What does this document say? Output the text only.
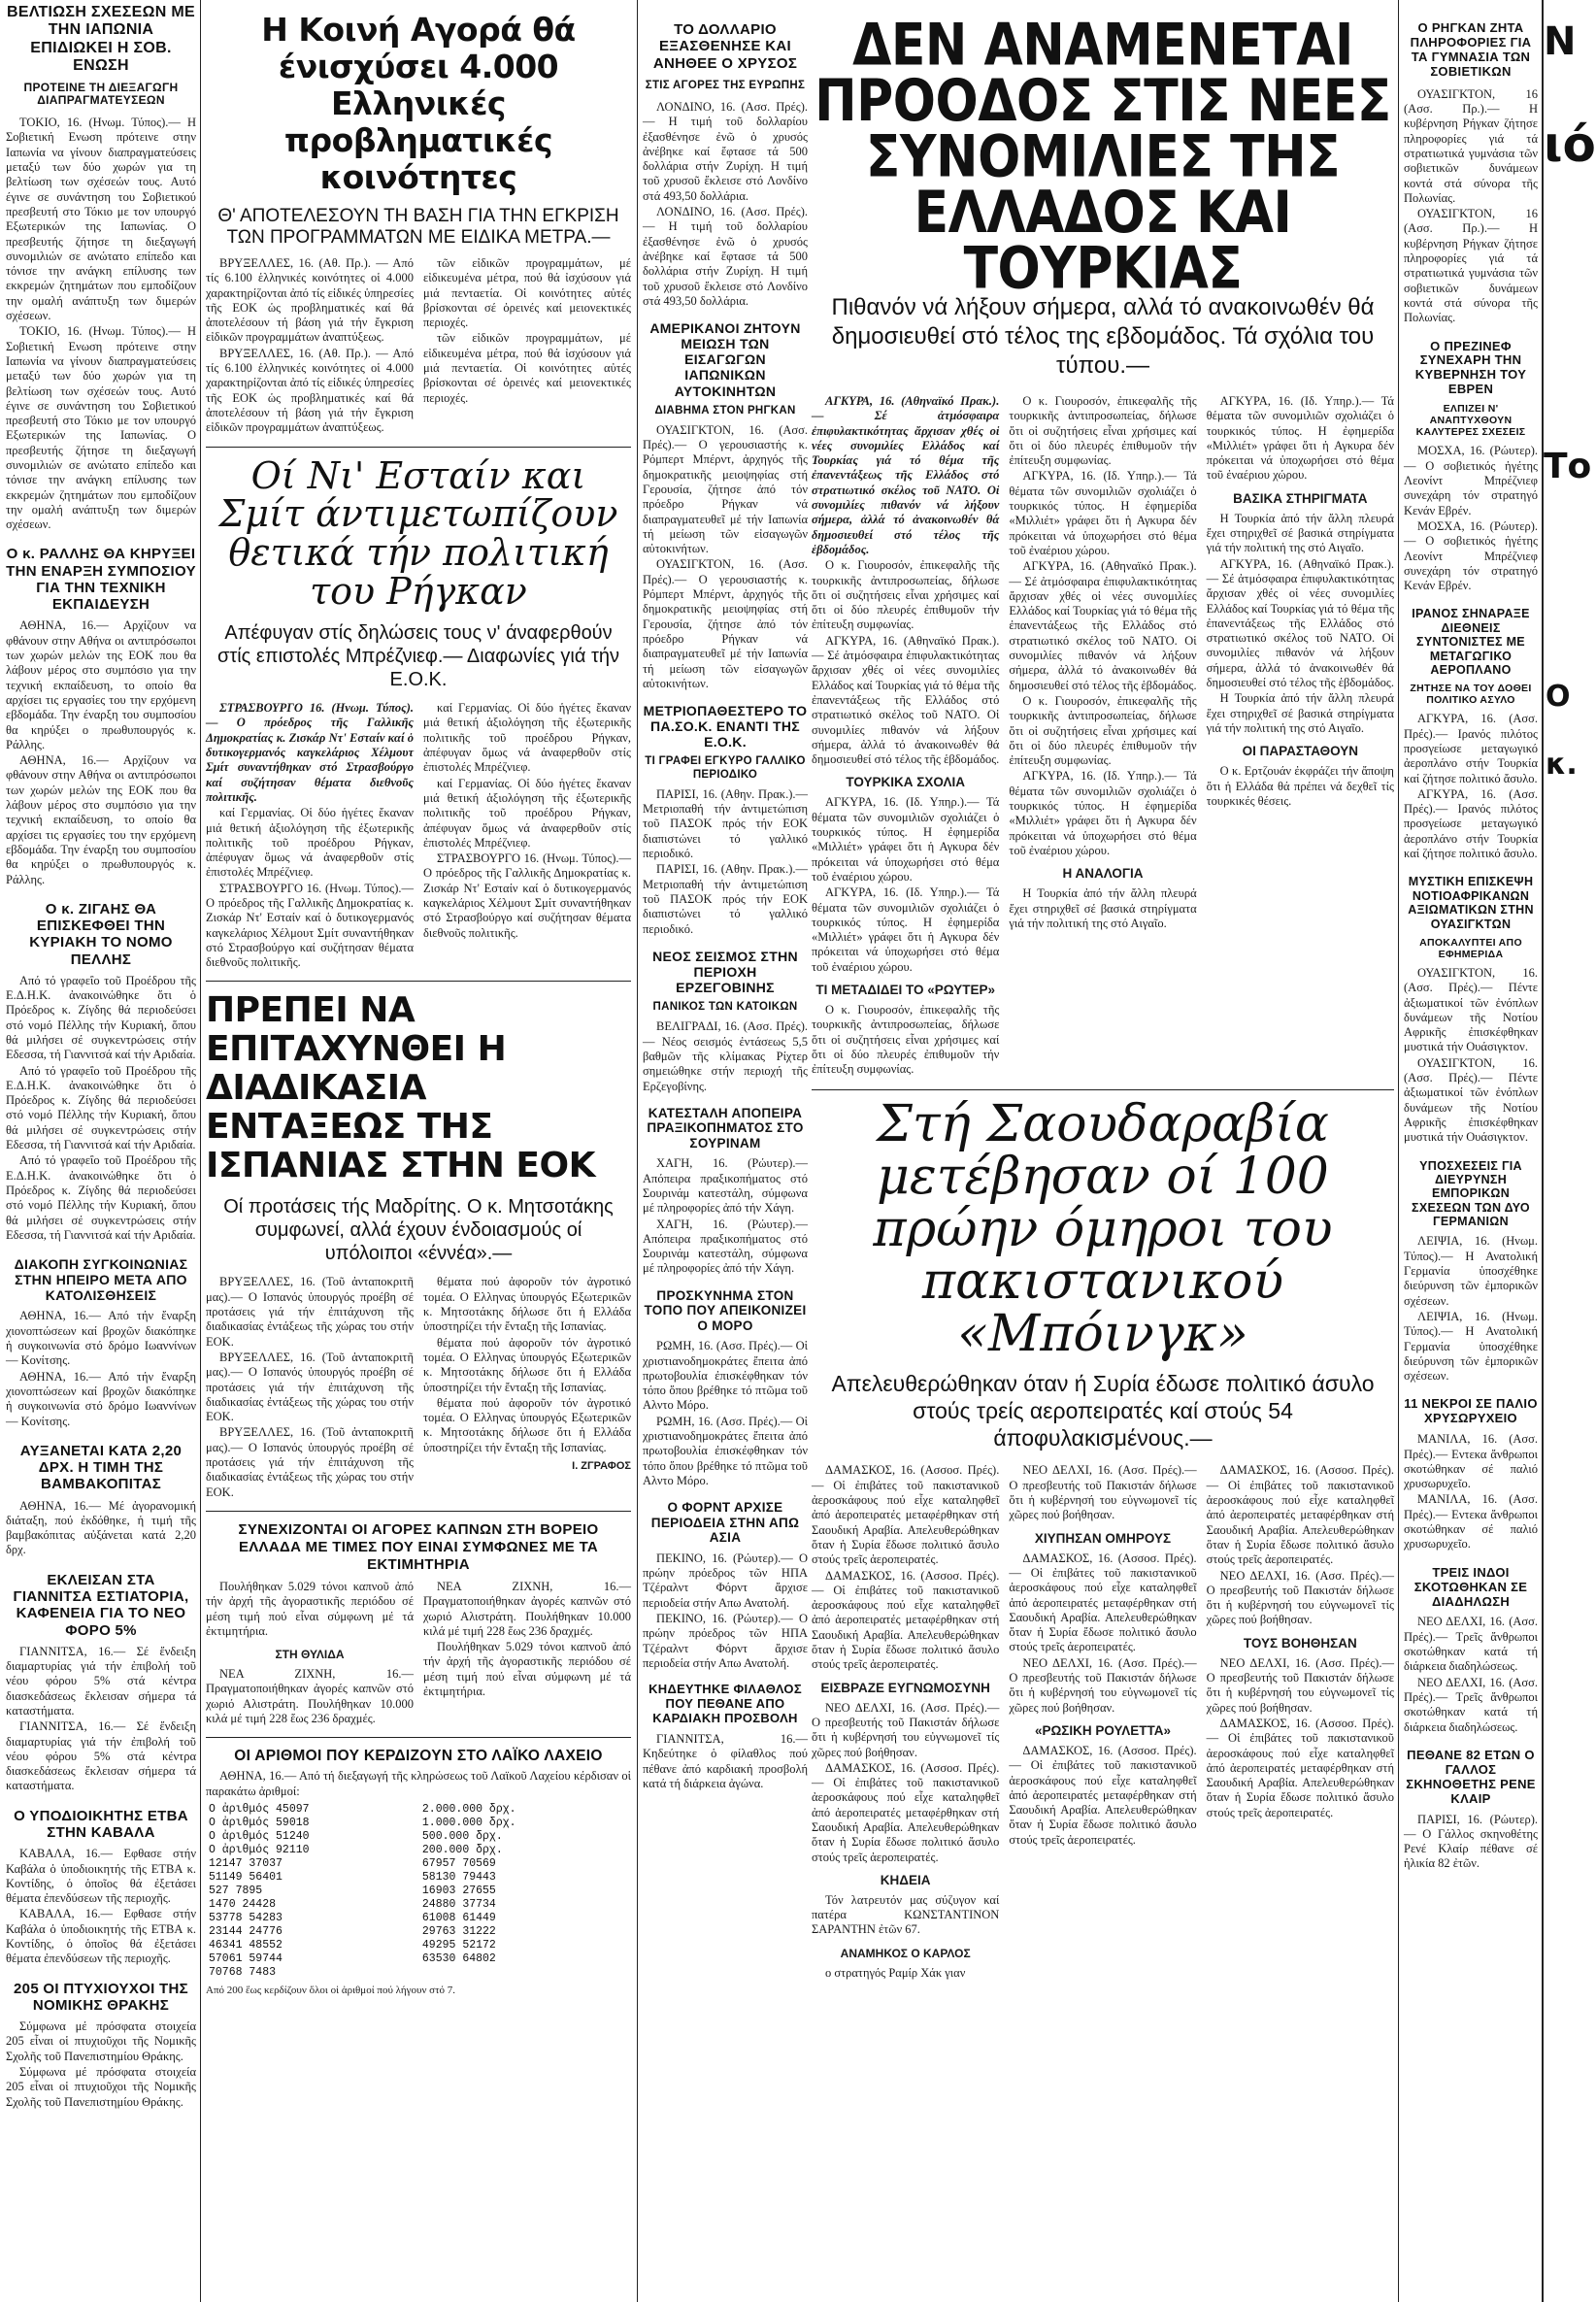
ΒΕΛΤΙΩΣΗ ΣΧΕΣΕΩΝ ΜΕ ΤΗΝ ΙΑΠΩΝΙΑ ΕΠΙΔΙΩΚΕΙ Η ΣΟΒ. ΕΝΩΣΗ
ΠΡΟΤΕΙΝΕ ΤΗ ΔΙΕΞΑΓΩΓΗ ΔΙΑΠΡΑΓΜΑΤΕΥΣΕΩΝ

ΤΟΚΙΟ, 16. (Ηνωμ. Τύπος).— Η Σοβιετική Ενωση πρότεινε στην Ιαπωνία να γίνουν διαπραγματεύσεις μεταξύ των δύο χωρών για τη βελτίωση των σχέσεών τους. Αυτό έγινε σε συνάντηση του Σοβιετικού πρεσβευτή στο Τόκιο με τον υπουργό Εξωτερικών της Ιαπωνίας. Ο πρεσβευτής ζήτησε τη διεξαγωγή συνομιλιών σε ανώτατο επίπεδο και τόνισε την ανάγκη επίλυσης των εκκρεμών ζητημάτων που εμποδίζουν την ομαλή ανάπτυξη των διμερών σχέσεων.

ΤΟΚΙΟ, 16. (Ηνωμ. Τύπος).— Η Σοβιετική Ενωση πρότεινε στην Ιαπωνία να γίνουν διαπραγματεύσεις μεταξύ των δύο χωρών για τη βελτίωση των σχέσεών τους. Αυτό έγινε σε συνάντηση του Σοβιετικού πρεσβευτή στο Τόκιο με τον υπουργό Εξωτερικών της Ιαπωνίας. Ο πρεσβευτής ζήτησε τη διεξαγωγή συνομιλιών σε ανώτατο επίπεδο και τόνισε την ανάγκη επίλυσης των εκκρεμών ζητημάτων που εμποδίζουν την ομαλή ανάπτυξη των διμερών σχέσεων.

Ο κ. ΡΑΛΛΗΣ ΘΑ ΚΗΡΥΞΕΙ ΤΗΝ ΕΝΑΡΞΗ ΣΥΜΠΟΣΙΟΥ ΓΙΑ ΤΗΝ ΤΕΧΝΙΚΗ ΕΚΠΑΙΔΕΥΣΗ

ΑΘΗΝΑ, 16.— Αρχίζουν να φθάνουν στην Αθήνα οι αντιπρόσωποι των χωρών μελών της ΕΟΚ που θα λάβουν μέρος στο συμπόσιο για την τεχνική εκπαίδευση, το οποίο θα αρχίσει τις εργασίες του την ερχόμενη εβδομάδα. Την έναρξη του συμποσίου θα κηρύξει ο πρωθυπουργός κ. Ράλλης.

ΑΘΗΝΑ, 16.— Αρχίζουν να φθάνουν στην Αθήνα οι αντιπρόσωποι των χωρών μελών της ΕΟΚ που θα λάβουν μέρος στο συμπόσιο για την τεχνική εκπαίδευση, το οποίο θα αρχίσει τις εργασίες του την ερχόμενη εβδομάδα. Την έναρξη του συμποσίου θα κηρύξει ο πρωθυπουργός κ. Ράλλης.

Ο κ. ΖΙΓΑΗΣ ΘΑ ΕΠΙΣΚΕΦΘΕΙ ΤΗΝ ΚΥΡΙΑΚΗ ΤΟ ΝΟΜΟ ΠΕΛΛΗΣ

Από τό γραφεΐο τοῦ Προέδρου τῆς Ε.Δ.Η.Κ. ἀνακοινώθηκε ὅτι ὁ Πρόεδρος κ. Ζίγδης θά περιοδεύσει στό νομό Πέλλης τήν Κυριακή, ὅπου θά μιλήσει σέ συγκεντρώσεις στήν Εδεσσα, τή Γιαννιτσά καί τήν Αριδαία.

Από τό γραφεΐο τοῦ Προέδρου τῆς Ε.Δ.Η.Κ. ἀνακοινώθηκε ὅτι ὁ Πρόεδρος κ. Ζίγδης θά περιοδεύσει στό νομό Πέλλης τήν Κυριακή, ὅπου θά μιλήσει σέ συγκεντρώσεις στήν Εδεσσα, τή Γιαννιτσά καί τήν Αριδαία.

Από τό γραφεΐο τοῦ Προέδρου τῆς Ε.Δ.Η.Κ. ἀνακοινώθηκε ὅτι ὁ Πρόεδρος κ. Ζίγδης θά περιοδεύσει στό νομό Πέλλης τήν Κυριακή, ὅπου θά μιλήσει σέ συγκεντρώσεις στήν Εδεσσα, τή Γιαννιτσά καί τήν Αριδαία.

ΔΙΑΚΟΠΗ ΣΥΓΚΟΙΝΩΝΙΑΣ ΣΤΗΝ ΗΠΕΙΡΟ ΜΕΤΑ ΑΠΟ ΚΑΤΟΛΙΣΘΗΣΕΙΣ

ΑΘΗΝΑ, 16.— Από τήν ἔναρξη χιονοπτώσεων καί βροχῶν διακόπηκε ἡ συγκοινωνία στό δρόμο Ιωαννίνων — Κονίτσης.

ΑΘΗΝΑ, 16.— Από τήν ἔναρξη χιονοπτώσεων καί βροχῶν διακόπηκε ἡ συγκοινωνία στό δρόμο Ιωαννίνων — Κονίτσης.

ΑΥΞΑΝΕΤΑΙ ΚΑΤΑ 2,20 ΔΡΧ. Η ΤΙΜΗ ΤΗΣ ΒΑΜΒΑΚΟΠΙΤΑΣ

ΑΘΗΝΑ, 16.— Μέ ἀγορανομική διάταξη, πού ἐκδόθηκε, ἡ τιμή τῆς βαμβακόπιτας αὐξάνεται κατά 2,20 δρχ.

ΕΚΛΕΙΣΑΝ ΣΤΑ ΓΙΑΝΝΙΤΣΑ ΕΣΤΙΑΤΟΡΙΑ, ΚΑΦΕΝΕΙΑ ΓΙΑ ΤΟ ΝΕΟ ΦΟΡΟ 5%

ΓΙΑΝΝΙΤΣΑ, 16.— Σέ ἔνδειξη διαμαρτυρίας γιά τήν ἐπιβολή τοῦ νέου φόρου 5% στά κέντρα διασκεδάσεως ἔκλεισαν σήμερα τά καταστήματα.

ΓΙΑΝΝΙΤΣΑ, 16.— Σέ ἔνδειξη διαμαρτυρίας γιά τήν ἐπιβολή τοῦ νέου φόρου 5% στά κέντρα διασκεδάσεως ἔκλεισαν σήμερα τά καταστήματα.

Ο ΥΠΟΔΙΟΙΚΗΤΗΣ ΕΤΒΑ ΣΤΗΝ ΚΑΒΑΛΑ

ΚΑΒΑΛΑ, 16.— Εφθασε στήν Καβάλα ὁ ὑποδιοικητής τῆς ΕΤΒΑ κ. Κοντίδης, ὁ ὁποῖος θά ἐξετάσει θέματα ἐπενδύσεων τῆς περιοχῆς.

ΚΑΒΑΛΑ, 16.— Εφθασε στήν Καβάλα ὁ ὑποδιοικητής τῆς ΕΤΒΑ κ. Κοντίδης, ὁ ὁποῖος θά ἐξετάσει θέματα ἐπενδύσεων τῆς περιοχῆς.

205 ΟΙ ΠΤΥΧΙΟΥΧΟΙ ΤΗΣ ΝΟΜΙΚΗΣ ΘΡΑΚΗΣ

Σύμφωνα μέ πρόσφατα στοιχεία 205 εἶναι οἱ πτυχιοῦχοι τῆς Νομικῆς Σχολῆς τοῦ Πανεπιστημίου Θράκης.

Σύμφωνα μέ πρόσφατα στοιχεία 205 εἶναι οἱ πτυχιοῦχοι τῆς Νομικῆς Σχολῆς τοῦ Πανεπιστημίου Θράκης.

Η Κοινή Αγορά θά ένισχύσει 4.000 Ελληνικές προβληματικές κοινότητες
Θ' ΑΠΟΤΕΛΕΣΟΥΝ ΤΗ ΒΑΣΗ ΓΙΑ ΤΗΝ ΕΓΚΡΙΣΗ ΤΩΝ ΠΡΟΓΡΑΜΜΑΤΩΝ ΜΕ ΕΙΔΙΚΑ ΜΕΤΡΑ.—

ΒΡΥΞΕΛΛΕΣ, 16. (Αθ. Πρ.). — Από τίς 6.100 ἑλληνικές κοινότητες οἱ 4.000 χαρακτηρίζονται ἀπό τίς εἰδικές ὑπηρεσίες τῆς ΕΟΚ ὡς προβληματικές καί θά ἀποτελέσουν τή βάση γιά τήν ἔγκριση εἰδικῶν προγραμμάτων ἀναπτύξεως.

ΒΡΥΞΕΛΛΕΣ, 16. (Αθ. Πρ.). — Από τίς 6.100 ἑλληνικές κοινότητες οἱ 4.000 χαρακτηρίζονται ἀπό τίς εἰδικές ὑπηρεσίες τῆς ΕΟΚ ὡς προβληματικές καί θά ἀποτελέσουν τή βάση γιά τήν ἔγκριση εἰδικῶν προγραμμάτων ἀναπτύξεως.

τῶν εἰδικῶν προγραμμάτων, μέ εἰδικευμένα μέτρα, πού θά ἰσχύσουν γιά μιά πενταετία. Οἱ κοινότητες αὐτές βρίσκονται σέ ὀρεινές καί μειονεκτικές περιοχές.

τῶν εἰδικῶν προγραμμάτων, μέ εἰδικευμένα μέτρα, πού θά ἰσχύσουν γιά μιά πενταετία. Οἱ κοινότητες αὐτές βρίσκονται σέ ὀρεινές καί μειονεκτικές περιοχές.

Οί Νι' Εσταίν και Σμίτ άντιμετωπίζουν θετικά τήν πολιτική του Ρήγκαν
Απέφυγαν στίς δηλώσεις τους ν' άναφερθούν στίς επιστολές Μπρέζνιεφ.— Διαφωνίες γιά τήν Ε.Ο.Κ.

ΣΤΡΑΣΒΟΥΡΓΟ 16. (Ηνωμ. Τύπος).— Ο πρόεδρος τῆς Γαλλικῆς Δημοκρατίας κ. Ζισκάρ Ντ' Εσταίν καί ὁ δυτικογερμανός καγκελάριος Χέλμουτ Σμίτ συναντήθηκαν στό Στρασβούργο καί συζήτησαν θέματα διεθνοῦς πολιτικῆς.

καί Γερμανίας. Οἱ δύο ἡγέτες ἔκαναν μιά θετική ἀξιολόγηση τῆς ἐξωτερικῆς πολιτικῆς τοῦ προέδρου Ρήγκαν, ἀπέφυγαν ὅμως νά ἀναφερθοῦν στίς ἐπιστολές Μπρέζνιεφ.

ΣΤΡΑΣΒΟΥΡΓΟ 16. (Ηνωμ. Τύπος).— Ο πρόεδρος τῆς Γαλλικῆς Δημοκρατίας κ. Ζισκάρ Ντ' Εσταίν καί ὁ δυτικογερμανός καγκελάριος Χέλμουτ Σμίτ συναντήθηκαν στό Στρασβούργο καί συζήτησαν θέματα διεθνοῦς πολιτικῆς.

καί Γερμανίας. Οἱ δύο ἡγέτες ἔκαναν μιά θετική ἀξιολόγηση τῆς ἐξωτερικῆς πολιτικῆς τοῦ προέδρου Ρήγκαν, ἀπέφυγαν ὅμως νά ἀναφερθοῦν στίς ἐπιστολές Μπρέζνιεφ.

καί Γερμανίας. Οἱ δύο ἡγέτες ἔκαναν μιά θετική ἀξιολόγηση τῆς ἐξωτερικῆς πολιτικῆς τοῦ προέδρου Ρήγκαν, ἀπέφυγαν ὅμως νά ἀναφερθοῦν στίς ἐπιστολές Μπρέζνιεφ.

ΣΤΡΑΣΒΟΥΡΓΟ 16. (Ηνωμ. Τύπος).— Ο πρόεδρος τῆς Γαλλικῆς Δημοκρατίας κ. Ζισκάρ Ντ' Εσταίν καί ὁ δυτικογερμανός καγκελάριος Χέλμουτ Σμίτ συναντήθηκαν στό Στρασβούργο καί συζήτησαν θέματα διεθνοῦς πολιτικῆς.

ΠΡΕΠΕΙ ΝΑ ΕΠΙΤΑΧΥΝΘΕΙ Η ΔΙΑΔΙΚΑΣΙΑ ΕΝΤΑΞΕΩΣ ΤΗΣ ΙΣΠΑΝΙΑΣ ΣΤΗΝ ΕΟΚ
Οί προτάσεις τής Μαδρίτης. Ο κ. Μητσοτάκης συμφωνεί, αλλά έχουν ένδοιασμούς οί υπόλοιποι «έννέα».—

ΒΡΥΞΕΛΛΕΣ, 16. (Τοῦ ἀνταποκριτῆ μας).— Ο Ισπανός ὑπουργός προέβη σέ προτάσεις γιά τήν ἐπιτάχυνση τῆς διαδικασίας ἐντάξεως τῆς χώρας του στήν ΕΟΚ.

ΒΡΥΞΕΛΛΕΣ, 16. (Τοῦ ἀνταποκριτῆ μας).— Ο Ισπανός ὑπουργός προέβη σέ προτάσεις γιά τήν ἐπιτάχυνση τῆς διαδικασίας ἐντάξεως τῆς χώρας του στήν ΕΟΚ.

ΒΡΥΞΕΛΛΕΣ, 16. (Τοῦ ἀνταποκριτῆ μας).— Ο Ισπανός ὑπουργός προέβη σέ προτάσεις γιά τήν ἐπιτάχυνση τῆς διαδικασίας ἐντάξεως τῆς χώρας του στήν ΕΟΚ.

θέματα πού ἀφοροῦν τόν ἀγροτικό τομέα. Ο Ελληνας ὑπουργός Εξωτερικῶν κ. Μητσοτάκης δήλωσε ὅτι ἡ Ελλάδα ὑποστηρίζει τήν ἔνταξη τῆς Ισπανίας.

θέματα πού ἀφοροῦν τόν ἀγροτικό τομέα. Ο Ελληνας ὑπουργός Εξωτερικῶν κ. Μητσοτάκης δήλωσε ὅτι ἡ Ελλάδα ὑποστηρίζει τήν ἔνταξη τῆς Ισπανίας.

θέματα πού ἀφοροῦν τόν ἀγροτικό τομέα. Ο Ελληνας ὑπουργός Εξωτερικῶν κ. Μητσοτάκης δήλωσε ὅτι ἡ Ελλάδα ὑποστηρίζει τήν ἔνταξη τῆς Ισπανίας.

Ι. ΖΓΡΑΦΟΣ
ΣΥΝΕΧΙΖΟΝΤΑΙ ΟΙ ΑΓΟΡΕΣ ΚΑΠΝΩΝ ΣΤΗ ΒΟΡΕΙΟ ΕΛΛΑΔΑ ΜΕ ΤΙΜΕΣ ΠΟΥ ΕΙΝΑΙ ΣΥΜΦΩΝΕΣ ΜΕ ΤΑ ΕΚΤΙΜΗΤΗΡΙΑ

Πουλήθηκαν 5.029 τόνοι καπνοῦ ἀπό τήν ἀρχή τῆς ἀγοραστικῆς περιόδου σέ μέση τιμή πού εἶναι σύμφωνη μέ τά ἐκτιμητήρια.

ΣΤΗ ΘΥΛΙΔΑ

ΝΕΑ ΖΙΧΝΗ, 16.— Πραγματοποιήθηκαν ἀγορές καπνῶν στό χωριό Αλιστράτη. Πουλήθηκαν 10.000 κιλά μέ τιμή 228 ἕως 236 δραχμές.

ΝΕΑ ΖΙΧΝΗ, 16.— Πραγματοποιήθηκαν ἀγορές καπνῶν στό χωριό Αλιστράτη. Πουλήθηκαν 10.000 κιλά μέ τιμή 228 ἕως 236 δραχμές.

Πουλήθηκαν 5.029 τόνοι καπνοῦ ἀπό τήν ἀρχή τῆς ἀγοραστικῆς περιόδου σέ μέση τιμή πού εἶναι σύμφωνη μέ τά ἐκτιμητήρια.

ΟΙ ΑΡΙΘΜΟΙ ΠΟΥ ΚΕΡΔΙΖΟΥΝ ΣΤΟ ΛΑΪΚΟ ΛΑΧΕΙΟ

ΑΘΗΝΑ, 16.— Από τή διεξαγωγή τῆς κληρώσεως τοῦ Λαϊκοῦ Λαχείου κέρδισαν οἱ παρακάτω ἀριθμοί:

Ο ἀριθμός 45097	2.000.000 δρχ.	
Ο ἀριθμός 59018	1.000.000 δρχ.	
Ο ἀριθμός 51240	500.000 δρχ.	
Ο ἀριθμός 92110	200.000 δρχ.	
12147 37037	67957 70569	
51149 56401	58130 79443	
527 7895	16903 27655	
1470 24428	24880 37734	
53778 54283	61008 61449	
23144 24776	29763 31222	
46341 48552	49295 52172	
57061 59744	63530 64802	
70768 7483		
Από 200 ἕως κερδίζουν ὅλοι οἱ ἀριθμοί πού λήγουν στό 7.
ΤΟ ΔΟΛΛΑΡΙΟ ΕΞΑΣΘΕΝΗΣΕ ΚΑΙ ΑΝΗΘΕΕ Ο ΧΡΥΣΟΣ
ΣΤΙΣ ΑΓΟΡΕΣ ΤΗΣ ΕΥΡΩΠΗΣ

ΛΟΝΔΙΝΟ, 16. (Ασσ. Πρές).— Η τιμή τοῦ δολλαρίου ἐξασθένησε ἐνῶ ὁ χρυσός ἀνέβηκε καί ἔφτασε τά 500 δολλάρια στήν Ζυρίχη. Η τιμή τοῦ χρυσοῦ ἔκλεισε στό Λονδίνο στά 493,50 δολλάρια.

ΛΟΝΔΙΝΟ, 16. (Ασσ. Πρές).— Η τιμή τοῦ δολλαρίου ἐξασθένησε ἐνῶ ὁ χρυσός ἀνέβηκε καί ἔφτασε τά 500 δολλάρια στήν Ζυρίχη. Η τιμή τοῦ χρυσοῦ ἔκλεισε στό Λονδίνο στά 493,50 δολλάρια.

ΑΜΕΡΙΚΑΝΟΙ ΖΗΤΟΥΝ ΜΕΙΩΣΗ ΤΩΝ ΕΙΣΑΓΩΓΩΝ ΙΑΠΩΝΙΚΩΝ ΑΥΤΟΚΙΝΗΤΩΝ
ΔΙΑΒΗΜΑ ΣΤΟΝ ΡΗΓΚΑΝ

ΟΥΑΣΙΓΚΤΟΝ, 16. (Ασσ. Πρές).— Ο γερουσιαστής κ. Ρόμπερτ Μπέρντ, ἀρχηγός τῆς δημοκρατικῆς μειοψηφίας στή Γερουσία, ζήτησε ἀπό τόν πρόεδρο Ρήγκαν νά διαπραγματευθεῖ μέ τήν Ιαπωνία τή μείωση τῶν εἰσαγωγῶν αὐτοκινήτων.

ΟΥΑΣΙΓΚΤΟΝ, 16. (Ασσ. Πρές).— Ο γερουσιαστής κ. Ρόμπερτ Μπέρντ, ἀρχηγός τῆς δημοκρατικῆς μειοψηφίας στή Γερουσία, ζήτησε ἀπό τόν πρόεδρο Ρήγκαν νά διαπραγματευθεῖ μέ τήν Ιαπωνία τή μείωση τῶν εἰσαγωγῶν αὐτοκινήτων.

ΜΕΤΡΙΟΠΑΘΕΣΤΕΡΟ ΤΟ ΠΑ.ΣΟ.Κ. ΕΝΑΝΤΙ ΤΗΣ Ε.Ο.Κ.
ΤΙ ΓΡΑΦΕΙ ΕΓΚΥΡΟ ΓΑΛΛΙΚΟ ΠΕΡΙΟΔΙΚΟ

ΠΑΡΙΣΙ, 16. (Αθην. Πρακ.).— Μετριοπαθή τήν ἀντιμετώπιση τοῦ ΠΑΣΟΚ πρός τήν ΕΟΚ διαπιστώνει τό γαλλικό περιοδικό.

ΠΑΡΙΣΙ, 16. (Αθην. Πρακ.).— Μετριοπαθή τήν ἀντιμετώπιση τοῦ ΠΑΣΟΚ πρός τήν ΕΟΚ διαπιστώνει τό γαλλικό περιοδικό.

ΝΕΟΣ ΣΕΙΣΜΟΣ ΣΤΗΝ ΠΕΡΙΟΧΗ ΕΡΖΕΓΟΒΙΝΗΣ
ΠΑΝΙΚΟΣ ΤΩΝ ΚΑΤΟΙΚΩΝ

ΒΕΛΙΓΡΑΔΙ, 16. (Ασσ. Πρές).— Νέος σεισμός ἐντάσεως 5,5 βαθμῶν τῆς κλίμακας Ρίχτερ σημειώθηκε στήν περιοχή τῆς Ερζεγοβίνης.

ΚΑΤΕΣΤΑΛΗ ΑΠΟΠΕΙΡΑ ΠΡΑΞΙΚΟΠΗΜΑΤΟΣ ΣΤΟ ΣΟΥΡΙΝΑΜ

ΧΑΓΗ, 16. (Ρώυτερ).— Απόπειρα πραξικοπήματος στό Σουρινάμ κατεστάλη, σύμφωνα μέ πληροφορίες ἀπό τήν Χάγη.

ΧΑΓΗ, 16. (Ρώυτερ).— Απόπειρα πραξικοπήματος στό Σουρινάμ κατεστάλη, σύμφωνα μέ πληροφορίες ἀπό τήν Χάγη.

ΠΡΟΣΚΥΝΗΜΑ ΣΤΟΝ ΤΟΠΟ ΠΟΥ ΑΠΕΙΚΟΝΙΖΕΙ Ο ΜΟΡΟ

ΡΩΜΗ, 16. (Ασσ. Πρές).— Οἱ χριστιανοδημοκράτες ἔπειτα ἀπό πρωτοβουλία ἐπισκέφθηκαν τόν τόπο ὅπου βρέθηκε τό πτῶμα τοῦ Αλντο Μόρο.

ΡΩΜΗ, 16. (Ασσ. Πρές).— Οἱ χριστιανοδημοκράτες ἔπειτα ἀπό πρωτοβουλία ἐπισκέφθηκαν τόν τόπο ὅπου βρέθηκε τό πτῶμα τοῦ Αλντο Μόρο.

Ο ΦΟΡΝΤ ΑΡΧΙΣΕ ΠΕΡΙΟΔΕΙΑ ΣΤΗΝ ΑΠΩ ΑΣΙΑ

ΠΕΚΙΝΟ, 16. (Ρώυτερ).— Ο πρώην πρόεδρος τῶν ΗΠΑ Τζέραλντ Φόρντ ἄρχισε περιοδεία στήν Απω Ανατολή.

ΠΕΚΙΝΟ, 16. (Ρώυτερ).— Ο πρώην πρόεδρος τῶν ΗΠΑ Τζέραλντ Φόρντ ἄρχισε περιοδεία στήν Απω Ανατολή.

ΚΗΔΕΥΤΗΚΕ ΦΙΛΑΘΛΟΣ ΠΟΥ ΠΕΘΑΝΕ ΑΠΟ ΚΑΡΔΙΑΚΗ ΠΡΟΣΒΟΛΗ

ΓΙΑΝΝΙΤΣΑ, 16.— Κηδεύτηκε ὁ φίλαθλος πού πέθανε ἀπό καρδιακή προσβολή κατά τή διάρκεια ἀγώνα.

ΔΕΝ ΑΝΑΜΕΝΕΤΑΙ ΠΡΟΟΔΟΣ ΣΤΙΣ ΝΕΕΣ ΣΥΝΟΜΙΛΙΕΣ ΤΗΣ ΕΛΛΑΔΟΣ ΚΑΙ ΤΟΥΡΚΙΑΣ
Πιθανόν νά λήξουν σήμερα, αλλά τό ανακοινωθέν θά δημοσιευθεί στό τέλος της εβδομάδος. Τά σχόλια του τύπου.—

ΑΓΚΥΡΑ, 16. (Αθηναϊκό Πρακ.).— Σέ ἀτμόσφαιρα ἐπιφυλακτικότητας ἄρχισαν χθές οἱ νέες συνομιλίες Ελλάδος καί Τουρκίας γιά τό θέμα τῆς ἐπανεντάξεως τῆς Ελλάδος στό στρατιωτικό σκέλος τοῦ ΝΑΤΟ. Οἱ συνομιλίες πιθανόν νά λήξουν σήμερα, ἀλλά τό ἀνακοινωθέν θά δημοσιευθεί στό τέλος τῆς ἑβδομάδος.

Ο κ. Γιουροσόν, ἐπικεφαλῆς τῆς τουρκικῆς ἀντιπροσωπείας, δήλωσε ὅτι οἱ συζητήσεις εἶναι χρήσιμες καί ὅτι οἱ δύο πλευρές ἐπιθυμοῦν τήν ἐπίτευξη συμφωνίας.

ΑΓΚΥΡΑ, 16. (Αθηναϊκό Πρακ.).— Σέ ἀτμόσφαιρα ἐπιφυλακτικότητας ἄρχισαν χθές οἱ νέες συνομιλίες Ελλάδος καί Τουρκίας γιά τό θέμα τῆς ἐπανεντάξεως τῆς Ελλάδος στό στρατιωτικό σκέλος τοῦ ΝΑΤΟ. Οἱ συνομιλίες πιθανόν νά λήξουν σήμερα, ἀλλά τό ἀνακοινωθέν θά δημοσιευθεί στό τέλος τῆς ἑβδομάδος.

ΤΟΥΡΚΙΚΑ ΣΧΟΛΙΑ

ΑΓΚΥΡΑ, 16. (Ιδ. Υπηρ.).— Τά θέματα τῶν συνομιλιῶν σχολιάζει ὁ τουρκικός τύπος. Η ἐφημερίδα «Μιλλιέτ» γράφει ὅτι ἡ Αγκυρα δέν πρόκειται νά ὑποχωρήσει στό θέμα τοῦ ἐναέριου χώρου.

ΑΓΚΥΡΑ, 16. (Ιδ. Υπηρ.).— Τά θέματα τῶν συνομιλιῶν σχολιάζει ὁ τουρκικός τύπος. Η ἐφημερίδα «Μιλλιέτ» γράφει ὅτι ἡ Αγκυρα δέν πρόκειται νά ὑποχωρήσει στό θέμα τοῦ ἐναέριου χώρου.

ΤΙ ΜΕΤΑΔΙΔΕΙ ΤΟ «ΡΩΥΤΕΡ»

Ο κ. Γιουροσόν, ἐπικεφαλῆς τῆς τουρκικῆς ἀντιπροσωπείας, δήλωσε ὅτι οἱ συζητήσεις εἶναι χρήσιμες καί ὅτι οἱ δύο πλευρές ἐπιθυμοῦν τήν ἐπίτευξη συμφωνίας.

Ο κ. Γιουροσόν, ἐπικεφαλῆς τῆς τουρκικῆς ἀντιπροσωπείας, δήλωσε ὅτι οἱ συζητήσεις εἶναι χρήσιμες καί ὅτι οἱ δύο πλευρές ἐπιθυμοῦν τήν ἐπίτευξη συμφωνίας.

ΑΓΚΥΡΑ, 16. (Ιδ. Υπηρ.).— Τά θέματα τῶν συνομιλιῶν σχολιάζει ὁ τουρκικός τύπος. Η ἐφημερίδα «Μιλλιέτ» γράφει ὅτι ἡ Αγκυρα δέν πρόκειται νά ὑποχωρήσει στό θέμα τοῦ ἐναέριου χώρου.

ΑΓΚΥΡΑ, 16. (Αθηναϊκό Πρακ.).— Σέ ἀτμόσφαιρα ἐπιφυλακτικότητας ἄρχισαν χθές οἱ νέες συνομιλίες Ελλάδος καί Τουρκίας γιά τό θέμα τῆς ἐπανεντάξεως τῆς Ελλάδος στό στρατιωτικό σκέλος τοῦ ΝΑΤΟ. Οἱ συνομιλίες πιθανόν νά λήξουν σήμερα, ἀλλά τό ἀνακοινωθέν θά δημοσιευθεί στό τέλος τῆς ἑβδομάδος.

Ο κ. Γιουροσόν, ἐπικεφαλῆς τῆς τουρκικῆς ἀντιπροσωπείας, δήλωσε ὅτι οἱ συζητήσεις εἶναι χρήσιμες καί ὅτι οἱ δύο πλευρές ἐπιθυμοῦν τήν ἐπίτευξη συμφωνίας.

ΑΓΚΥΡΑ, 16. (Ιδ. Υπηρ.).— Τά θέματα τῶν συνομιλιῶν σχολιάζει ὁ τουρκικός τύπος. Η ἐφημερίδα «Μιλλιέτ» γράφει ὅτι ἡ Αγκυρα δέν πρόκειται νά ὑποχωρήσει στό θέμα τοῦ ἐναέριου χώρου.

Η ΑΝΑΛΟΓΙΑ

Η Τουρκία ἀπό τήν ἄλλη πλευρά ἔχει στηριχθεῖ σέ βασικά στηρίγματα γιά τήν πολιτική της στό Αιγαῖο.

ΑΓΚΥΡΑ, 16. (Ιδ. Υπηρ.).— Τά θέματα τῶν συνομιλιῶν σχολιάζει ὁ τουρκικός τύπος. Η ἐφημερίδα «Μιλλιέτ» γράφει ὅτι ἡ Αγκυρα δέν πρόκειται νά ὑποχωρήσει στό θέμα τοῦ ἐναέριου χώρου.

ΒΑΣΙΚΑ ΣΤΗΡΙΓΜΑΤΑ

Η Τουρκία ἀπό τήν ἄλλη πλευρά ἔχει στηριχθεῖ σέ βασικά στηρίγματα γιά τήν πολιτική της στό Αιγαῖο.

ΑΓΚΥΡΑ, 16. (Αθηναϊκό Πρακ.).— Σέ ἀτμόσφαιρα ἐπιφυλακτικότητας ἄρχισαν χθές οἱ νέες συνομιλίες Ελλάδος καί Τουρκίας γιά τό θέμα τῆς ἐπανεντάξεως τῆς Ελλάδος στό στρατιωτικό σκέλος τοῦ ΝΑΤΟ. Οἱ συνομιλίες πιθανόν νά λήξουν σήμερα, ἀλλά τό ἀνακοινωθέν θά δημοσιευθεί στό τέλος τῆς ἑβδομάδος.

Η Τουρκία ἀπό τήν ἄλλη πλευρά ἔχει στηριχθεῖ σέ βασικά στηρίγματα γιά τήν πολιτική της στό Αιγαῖο.

ΟΙ ΠΑΡΑΣΤΑΘΟΥΝ

Ο κ. Ερτζουάν ἐκφράζει τήν ἄποψη ὅτι ἡ Ελλάδα θά πρέπει νά δεχθεῖ τίς τουρκικές θέσεις.

Στή Σαουδαραβία μετέβησαν οί 100 πρώην όμηροι του πακιστανικού «Μπόινγκ»
Απελευθερώθηκαν όταν ή Συρία έδωσε πολιτικό άσυλο στούς τρείς αεροπειρατές καί στούς 54 άποφυλακισμένους.—

ΔΑΜΑΣΚΟΣ, 16. (Ασσοσ. Πρές).— Οἱ ἐπιβάτες τοῦ πακιστανικοῦ ἀεροσκάφους πού εἶχε καταληφθεῖ ἀπό ἀεροπειρατές μεταφέρθηκαν στή Σαουδική Αραβία. Απελευθερώθηκαν ὅταν ἡ Συρία ἔδωσε πολιτικό ἄσυλο στούς τρεῖς ἀεροπειρατές.

ΔΑΜΑΣΚΟΣ, 16. (Ασσοσ. Πρές).— Οἱ ἐπιβάτες τοῦ πακιστανικοῦ ἀεροσκάφους πού εἶχε καταληφθεῖ ἀπό ἀεροπειρατές μεταφέρθηκαν στή Σαουδική Αραβία. Απελευθερώθηκαν ὅταν ἡ Συρία ἔδωσε πολιτικό ἄσυλο στούς τρεῖς ἀεροπειρατές.

ΕΙΣΒΡΑΖΕ ΕΥΓΝΩΜΟΣΥΝΗ

ΝΕΟ ΔΕΛΧΙ, 16. (Ασσ. Πρές).— Ο πρεσβευτής τοῦ Πακιστάν δήλωσε ὅτι ἡ κυβέρνησή του εὐγνωμονεῖ τίς χῶρες πού βοήθησαν.

ΔΑΜΑΣΚΟΣ, 16. (Ασσοσ. Πρές).— Οἱ ἐπιβάτες τοῦ πακιστανικοῦ ἀεροσκάφους πού εἶχε καταληφθεῖ ἀπό ἀεροπειρατές μεταφέρθηκαν στή Σαουδική Αραβία. Απελευθερώθηκαν ὅταν ἡ Συρία ἔδωσε πολιτικό ἄσυλο στούς τρεῖς ἀεροπειρατές.

ΚΗΔΕΙΑ

Τόν λατρευτόν μας σύζυγον καί πατέρα ΚΩΝΣΤΑΝΤΙΝΟΝ ΣΑΡΑΝΤΗΝ ἐτῶν 67.

ΑΝΑΜΗΚΟΣ Ο ΚΑΡΛΟΣ

ο στρατηγός Ραμίρ Χάκ γιαν

ΝΕΟ ΔΕΛΧΙ, 16. (Ασσ. Πρές).— Ο πρεσβευτής τοῦ Πακιστάν δήλωσε ὅτι ἡ κυβέρνησή του εὐγνωμονεῖ τίς χῶρες πού βοήθησαν.

ΧΙΥΠΗΣΑΝ ΟΜΗΡΟΥΣ

ΔΑΜΑΣΚΟΣ, 16. (Ασσοσ. Πρές).— Οἱ ἐπιβάτες τοῦ πακιστανικοῦ ἀεροσκάφους πού εἶχε καταληφθεῖ ἀπό ἀεροπειρατές μεταφέρθηκαν στή Σαουδική Αραβία. Απελευθερώθηκαν ὅταν ἡ Συρία ἔδωσε πολιτικό ἄσυλο στούς τρεῖς ἀεροπειρατές.

ΝΕΟ ΔΕΛΧΙ, 16. (Ασσ. Πρές).— Ο πρεσβευτής τοῦ Πακιστάν δήλωσε ὅτι ἡ κυβέρνησή του εὐγνωμονεῖ τίς χῶρες πού βοήθησαν.

«ΡΩΣΙΚΗ ΡΟΥΛΕΤΤΑ»

ΔΑΜΑΣΚΟΣ, 16. (Ασσοσ. Πρές).— Οἱ ἐπιβάτες τοῦ πακιστανικοῦ ἀεροσκάφους πού εἶχε καταληφθεῖ ἀπό ἀεροπειρατές μεταφέρθηκαν στή Σαουδική Αραβία. Απελευθερώθηκαν ὅταν ἡ Συρία ἔδωσε πολιτικό ἄσυλο στούς τρεῖς ἀεροπειρατές.

ΔΑΜΑΣΚΟΣ, 16. (Ασσοσ. Πρές).— Οἱ ἐπιβάτες τοῦ πακιστανικοῦ ἀεροσκάφους πού εἶχε καταληφθεῖ ἀπό ἀεροπειρατές μεταφέρθηκαν στή Σαουδική Αραβία. Απελευθερώθηκαν ὅταν ἡ Συρία ἔδωσε πολιτικό ἄσυλο στούς τρεῖς ἀεροπειρατές.

ΝΕΟ ΔΕΛΧΙ, 16. (Ασσ. Πρές).— Ο πρεσβευτής τοῦ Πακιστάν δήλωσε ὅτι ἡ κυβέρνησή του εὐγνωμονεῖ τίς χῶρες πού βοήθησαν.

ΤΟΥΣ ΒΟΗΘΗΣΑΝ

ΝΕΟ ΔΕΛΧΙ, 16. (Ασσ. Πρές).— Ο πρεσβευτής τοῦ Πακιστάν δήλωσε ὅτι ἡ κυβέρνησή του εὐγνωμονεῖ τίς χῶρες πού βοήθησαν.

ΔΑΜΑΣΚΟΣ, 16. (Ασσοσ. Πρές).— Οἱ ἐπιβάτες τοῦ πακιστανικοῦ ἀεροσκάφους πού εἶχε καταληφθεῖ ἀπό ἀεροπειρατές μεταφέρθηκαν στή Σαουδική Αραβία. Απελευθερώθηκαν ὅταν ἡ Συρία ἔδωσε πολιτικό ἄσυλο στούς τρεῖς ἀεροπειρατές.

Ο ΡΗΓΚΑΝ ΖΗΤΑ ΠΛΗΡΟΦΟΡΙΕΣ ΓΙΑ ΤΑ ΓΥΜΝΑΣΙΑ ΤΩΝ ΣΟΒΙΕΤΙΚΩΝ

ΟΥΑΣΙΓΚΤΟΝ, 16 (Ασσ. Πρ.).— Η κυβέρνηση Ρήγκαν ζήτησε πληροφορίες γιά τά στρατιωτικά γυμνάσια τῶν σοβιετικῶν δυνάμεων κοντά στά σύνορα τῆς Πολωνίας.

ΟΥΑΣΙΓΚΤΟΝ, 16 (Ασσ. Πρ.).— Η κυβέρνηση Ρήγκαν ζήτησε πληροφορίες γιά τά στρατιωτικά γυμνάσια τῶν σοβιετικῶν δυνάμεων κοντά στά σύνορα τῆς Πολωνίας.

Ο ΠΡΕΖΙΝΕΦ ΣΥΝΕΧΑΡΗ ΤΗΝ ΚΥΒΕΡΝΗΣΗ ΤΟΥ ΕΒΡΕΝ
ΕΛΠΙΖΕΙ Ν' ΑΝΑΠΤΥΧΘΟΥΝ ΚΑΛΥΤΕΡΕΣ ΣΧΕΣΕΙΣ

ΜΟΣΧΑ, 16. (Ρώυτερ).— Ο σοβιετικός ἡγέτης Λεονίντ Μπρέζνιεφ συνεχάρη τόν στρατηγό Κενάν Εβρέν.

ΜΟΣΧΑ, 16. (Ρώυτερ).— Ο σοβιετικός ἡγέτης Λεονίντ Μπρέζνιεφ συνεχάρη τόν στρατηγό Κενάν Εβρέν.

ΙΡΑΝΟΣ ΣΗΝΑΡΑΞΕ ΔΙΕΘΝΕΙΣ ΣΥΝΤΟΝΙΣΤΕΣ ΜΕ ΜΕΤΑΓΩΓΙΚΟ ΑΕΡΟΠΛΑΝΟ
ΖΗΤΗΣΕ ΝΑ ΤΟΥ ΔΟΘΕΙ ΠΟΛΙΤΙΚΟ ΑΣΥΛΟ

ΑΓΚΥΡΑ, 16. (Ασσ. Πρές).— Ιρανός πιλότος προσγείωσε μεταγωγικό ἀεροπλάνο στήν Τουρκία καί ζήτησε πολιτικό ἄσυλο.

ΑΓΚΥΡΑ, 16. (Ασσ. Πρές).— Ιρανός πιλότος προσγείωσε μεταγωγικό ἀεροπλάνο στήν Τουρκία καί ζήτησε πολιτικό ἄσυλο.

ΜΥΣΤΙΚΗ ΕΠΙΣΚΕΨΗ ΝΟΤΙΟΑΦΡΙΚΑΝΩΝ ΑΞΙΩΜΑΤΙΚΩΝ ΣΤΗΝ ΟΥΑΣΙΓΚΤΩΝ
ΑΠΟΚΑΛΥΠΤΕΙ ΑΠΟ ΕΦΗΜΕΡΙΔΑ

ΟΥΑΣΙΓΚΤΟΝ, 16. (Ασσ. Πρές).— Πέντε ἀξιωματικοί τῶν ἐνόπλων δυνάμεων τῆς Νοτίου Αφρικῆς ἐπισκέφθηκαν μυστικά τήν Ουάσιγκτον.

ΟΥΑΣΙΓΚΤΟΝ, 16. (Ασσ. Πρές).— Πέντε ἀξιωματικοί τῶν ἐνόπλων δυνάμεων τῆς Νοτίου Αφρικῆς ἐπισκέφθηκαν μυστικά τήν Ουάσιγκτον.

ΥΠΟΣΧΕΣΕΙΣ ΓΙΑ ΔΙΕΥΡΥΝΣΗ ΕΜΠΟΡΙΚΩΝ ΣΧΕΣΕΩΝ ΤΩΝ ΔΥΟ ΓΕΡΜΑΝΙΩΝ

ΛΕΙΨΙΑ, 16. (Ηνωμ. Τύπος).— Η Ανατολική Γερμανία ὑποσχέθηκε διεύρυνση τῶν ἐμπορικῶν σχέσεων.

ΛΕΙΨΙΑ, 16. (Ηνωμ. Τύπος).— Η Ανατολική Γερμανία ὑποσχέθηκε διεύρυνση τῶν ἐμπορικῶν σχέσεων.

11 ΝΕΚΡΟΙ ΣΕ ΠΑΛΙΟ ΧΡΥΣΩΡΥΧΕΙΟ

ΜΑΝΙΛΑ, 16. (Ασσ. Πρές).— Εντεκα ἄνθρωποι σκοτώθηκαν σέ παλιό χρυσωρυχεῖο.

ΜΑΝΙΛΑ, 16. (Ασσ. Πρές).— Εντεκα ἄνθρωποι σκοτώθηκαν σέ παλιό χρυσωρυχεῖο.

ΤΡΕΙΣ ΙΝΔΟΙ ΣΚΟΤΩΘΗΚΑΝ ΣΕ ΔΙΑΔΗΛΩΣΗ

ΝΕΟ ΔΕΛΧΙ, 16. (Ασσ. Πρές).— Τρεῖς ἄνθρωποι σκοτώθηκαν κατά τή διάρκεια διαδηλώσεως.

ΝΕΟ ΔΕΛΧΙ, 16. (Ασσ. Πρές).— Τρεῖς ἄνθρωποι σκοτώθηκαν κατά τή διάρκεια διαδηλώσεως.

ΠΕΘΑΝΕ 82 ΕΤΩΝ Ο ΓΑΛΛΟΣ ΣΚΗΝΟΘΕΤΗΣ ΡΕΝΕ ΚΛΑΙΡ

ΠΑΡΙΣΙ, 16. (Ρώυτερ).— Ο Γάλλος σκηνοθέτης Ρενέ Κλαίρ πέθανε σέ ἡλικία 82 ἐτῶν.

Ν
ιό
Το
Ο
κ.
